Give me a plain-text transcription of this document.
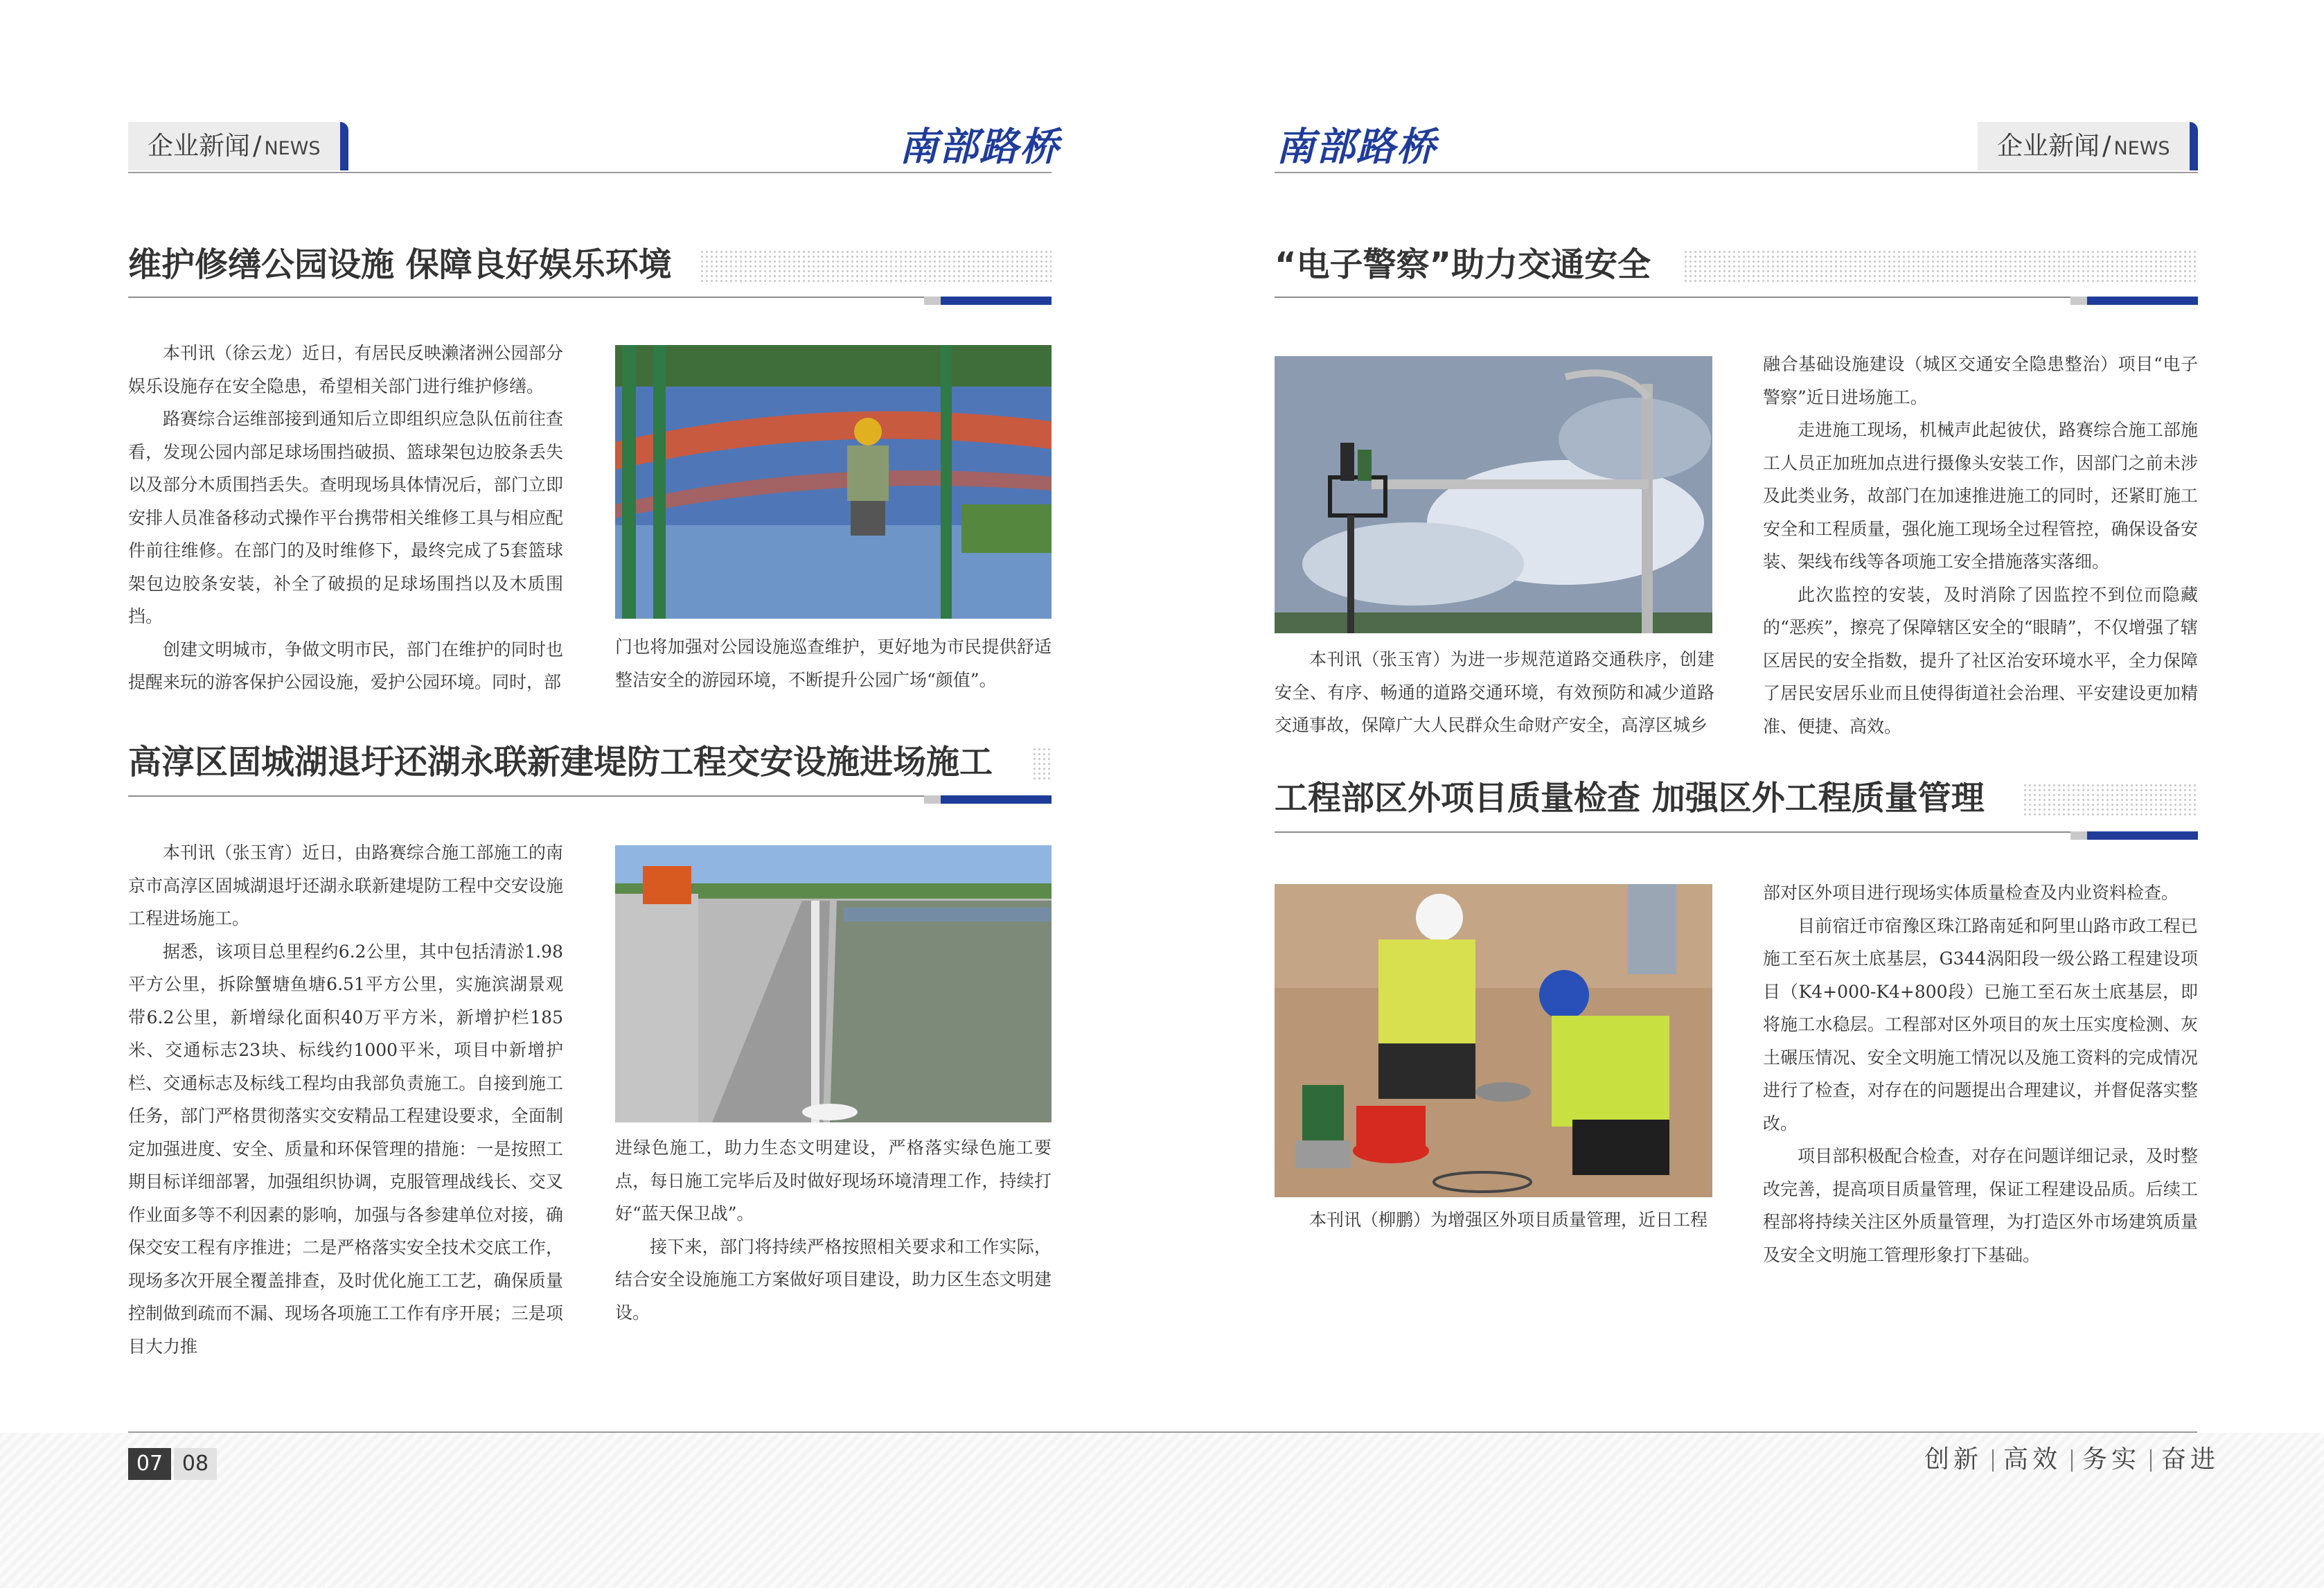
企业新闻 / NEWS	南部路桥	南部路桥	企业新闻 / NEWS
维护修缮公园设施 保障良好娱乐环境

本刊讯（徐云龙）近日，有居民反映濑渚洲公园部分娱乐设施存在安全隐患，希望相关部门进行维护修缮。

路赛综合运维部接到通知后立即组织应急队伍前往查看，发现公园内部足球场围挡破损、篮球架包边胶条丢失以及部分木质围挡丢失。查明现场具体情况后，部门立即安排人员准备移动式操作平台携带相关维修工具与相应配件前往维修。在部门的及时维修下，最终完成了5套篮球架包边胶条安装，补全了破损的足球场围挡以及木质围挡。

创建文明城市，争做文明市民，部门在维护的同时也提醒来玩的游客保护公园设施，爱护公园环境。同时，部

门也将加强对公园设施巡查维护，更好地为市民提供舒适整洁安全的游园环境，不断提升公园广场“颜值”。

高淳区固城湖退圩还湖永联新建堤防工程交安设施进场施工

本刊讯（张玉宵）近日，由路赛综合施工部施工的南京市高淳区固城湖退圩还湖永联新建堤防工程中交安设施工程进场施工。

据悉，该项目总里程约6.2公里，其中包括清淤1.98平方公里，拆除蟹塘鱼塘6.51平方公里，实施滨湖景观带6.2公里，新增绿化面积40万平方米，新增护栏185米、交通标志23块、标线约1000平米，项目中新增护栏、交通标志及标线工程均由我部负责施工。自接到施工任务，部门严格贯彻落实交安精品工程建设要求，全面制定加强进度、安全、质量和环保管理的措施：一是按照工期目标详细部署，加强组织协调，克服管理战线长、交叉作业面多等不利因素的影响，加强与各参建单位对接，确保交安工程有序推进；二是严格落实安全技术交底工作，现场多次开展全覆盖排查，及时优化施工工艺，确保质量控制做到疏而不漏、现场各项施工工作有序开展；三是项目大力推

进绿色施工，助力生态文明建设，严格落实绿色施工要点，每日施工完毕后及时做好现场环境清理工作，持续打好“蓝天保卫战”。

接下来，部门将持续严格按照相关要求和工作实际，结合安全设施施工方案做好项目建设，助力区生态文明建设。

“电子警察”助力交通安全

本刊讯（张玉宵）为进一步规范道路交通秩序，创建安全、有序、畅通的道路交通环境，有效预防和减少道路交通事故，保障广大人民群众生命财产安全，高淳区城乡

融合基础设施建设（城区交通安全隐患整治）项目“电子警察”近日进场施工。

走进施工现场，机械声此起彼伏，路赛综合施工部施工人员正加班加点进行摄像头安装工作，因部门之前未涉及此类业务，故部门在加速推进施工的同时，还紧盯施工安全和工程质量，强化施工现场全过程管控，确保设备安装、架线布线等各项施工安全措施落实落细。

此次监控的安装，及时消除了因监控不到位而隐藏的“恶疾”，擦亮了保障辖区安全的“眼睛”，不仅增强了辖区居民的安全指数，提升了社区治安环境水平，全力保障了居民安居乐业而且使得街道社会治理、平安建设更加精准、便捷、高效。

工程部区外项目质量检查 加强区外工程质量管理

本刊讯（柳鹏）为增强区外项目质量管理，近日工程

部对区外项目进行现场实体质量检查及内业资料检查。

目前宿迁市宿豫区珠江路南延和阿里山路市政工程已施工至石灰土底基层，G344涡阳段一级公路工程建设项目（K4+000-K4+800段）已施工至石灰土底基层，即将施工水稳层。工程部对区外项目的灰土压实度检测、灰土碾压情况、安全文明施工情况以及施工资料的完成情况进行了检查，对存在的问题提出合理建议，并督促落实整改。

项目部积极配合检查，对存在问题详细记录，及时整改完善，提高项目质量管理，保证工程建设品质。后续工程部将持续关注区外质量管理，为打造区外市场建筑质量及安全文明施工管理形象打下基础。

07 08	创新 高效 务实 奋进
